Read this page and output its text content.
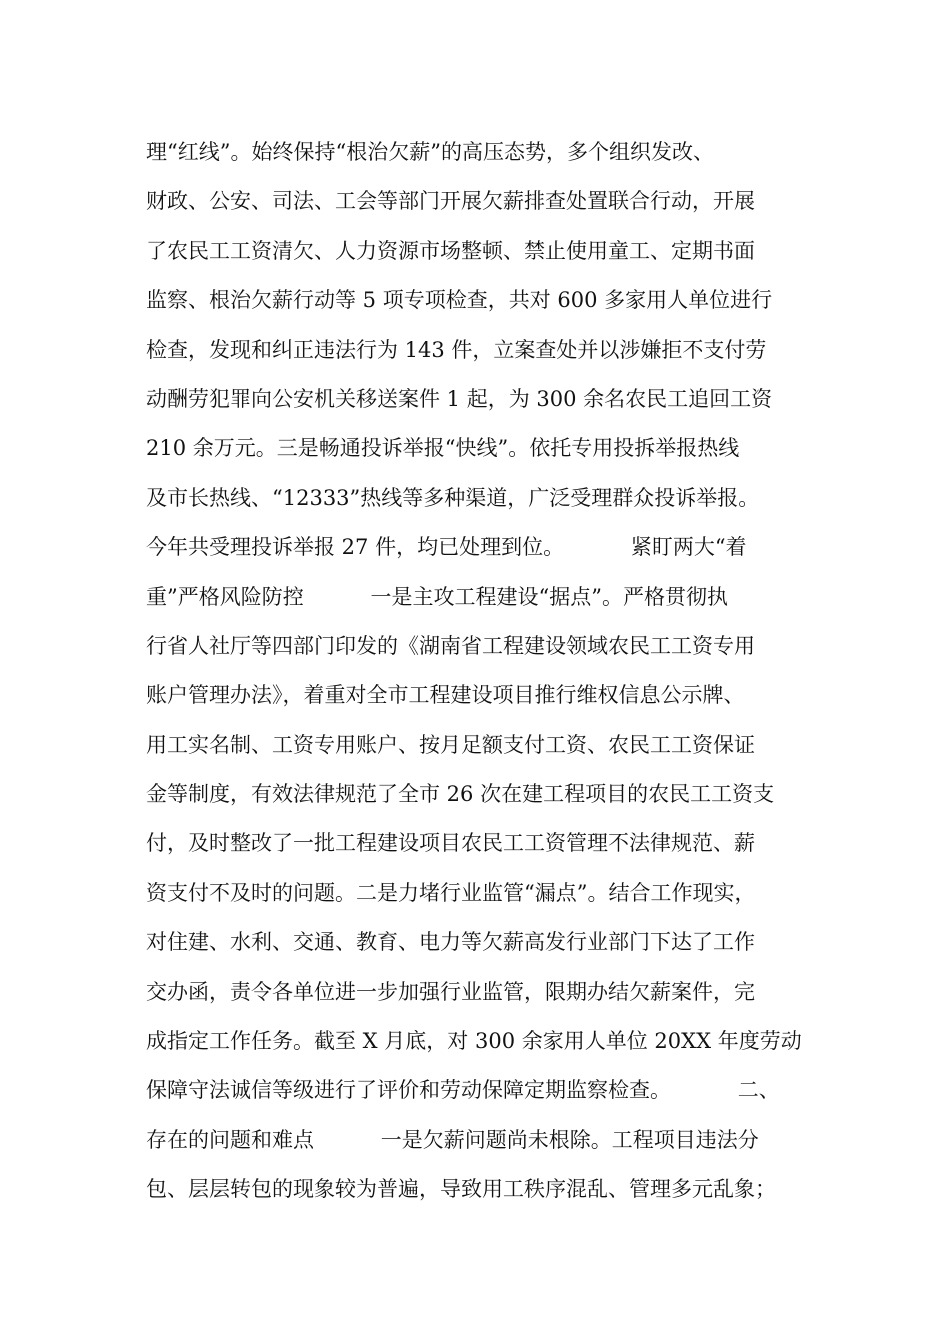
理“红线”。始终保持“根治欠薪”的高压态势，多个组织发改、
财政、公安、司法、工会等部门开展欠薪排查处置联合行动，开展
了农民工工资清欠、人力资源市场整顿、禁止使用童工、定期书面
监察、根治欠薪行动等 5 项专项检查，共对 600 多家用人单位进行
检查，发现和纠正违法行为 143 件，立案查处并以涉嫌拒不支付劳
动酬劳犯罪向公安机关移送案件 1 起，为 300 余名农民工追回工资
210 余万元。三是畅通投诉举报“快线”。依托专用投拆举报热线
及市长热线、“12333”热线等多种渠道，广泛受理群众投诉举报。
今年共受理投诉举报 27 件，均已处理到位。          紧盯两大“着
重”严格风险防控          一是主攻工程建设“据点”。严格贯彻执
行省人社厅等四部门印发的《湖南省工程建设领域农民工工资专用
账户管理办法》，着重对全市工程建设项目推行维权信息公示牌、
用工实名制、工资专用账户、按月足额支付工资、农民工工资保证
金等制度，有效法律规范了全市 26 次在建工程项目的农民工工资支
付，及时整改了一批工程建设项目农民工工资管理不法律规范、薪
资支付不及时的问题。二是力堵行业监管“漏点”。结合工作现实，
对住建、水利、交通、教育、电力等欠薪高发行业部门下达了工作
交办函，责令各单位进一步加强行业监管，限期办结欠薪案件，完
成指定工作任务。截至 X 月底，对 300 余家用人单位 20XX 年度劳动
保障守法诚信等级进行了评价和劳动保障定期监察检查。          二、
存在的问题和难点          一是欠薪问题尚未根除。工程项目违法分
包、层层转包的现象较为普遍，导致用工秩序混乱、管理多元乱象；
